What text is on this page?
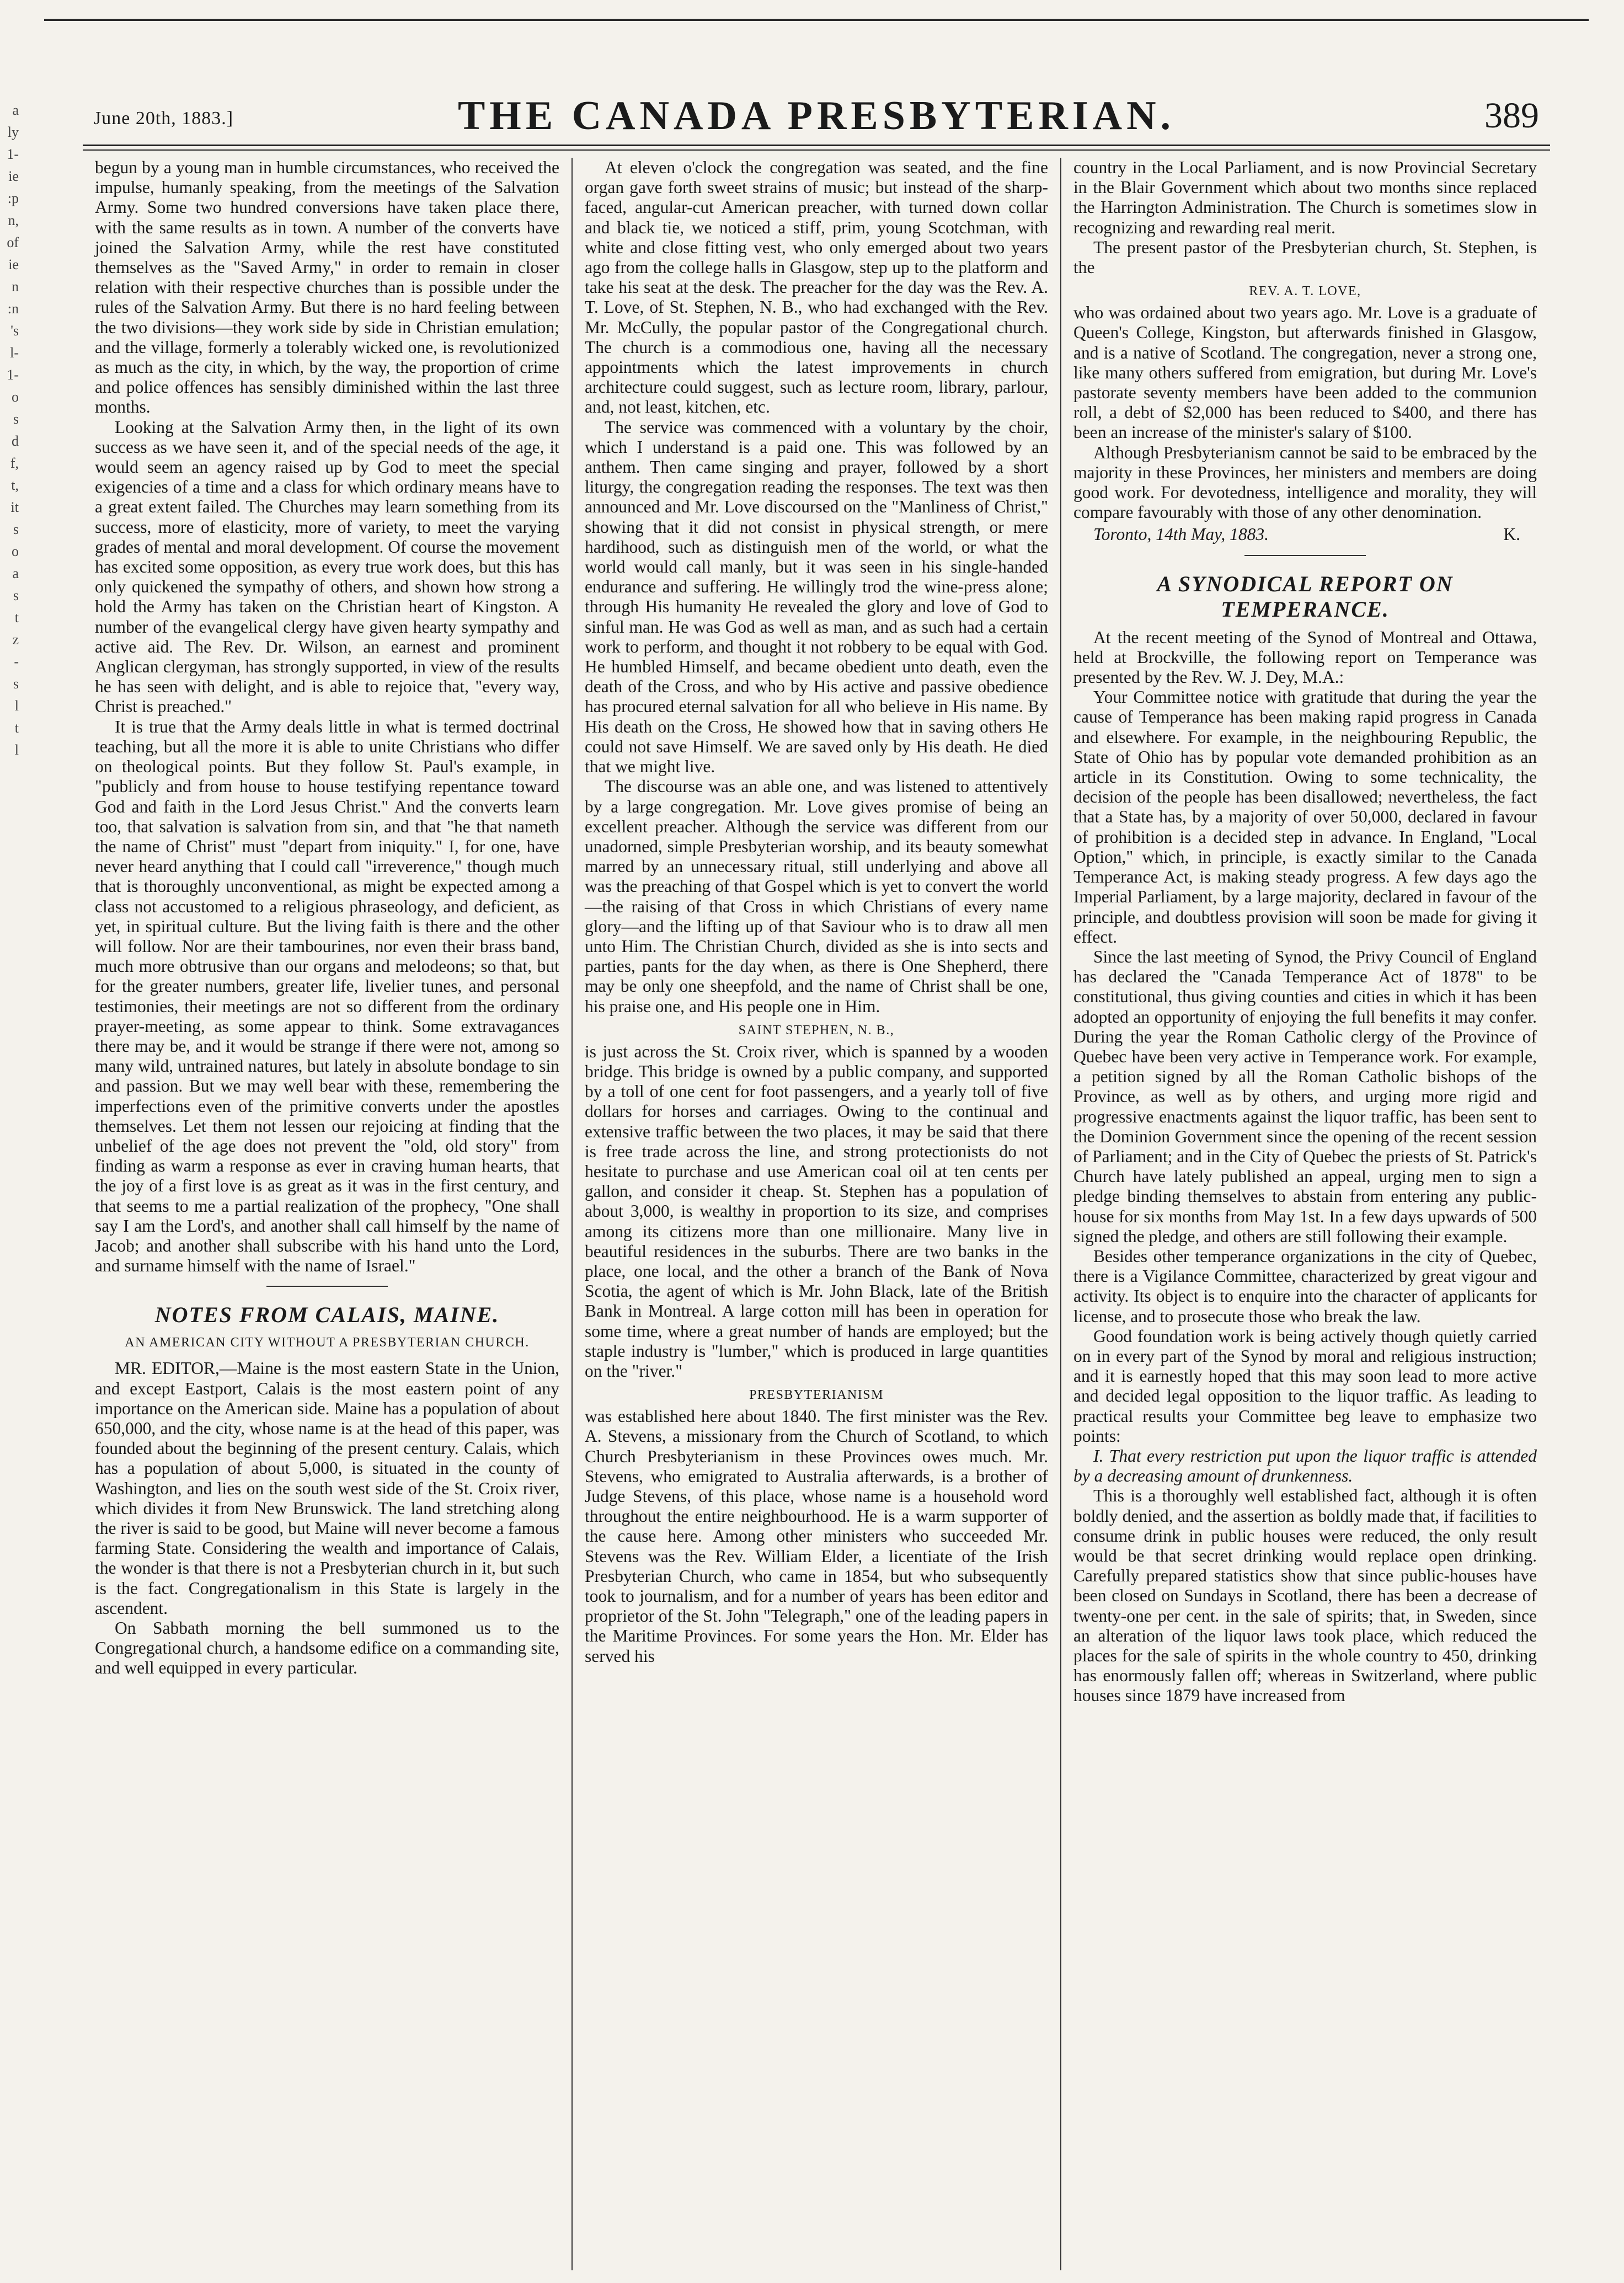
a
ly
1-
ie
:p
n,
of
ie
n
:n
's
l-
1-
o
s
d
f,
t,
it
s
o
a
s
t
z
-
s
l
t
l
June 20th, 1883.]	THE CANADA PRESBYTERIAN.	389

begun by a young man in humble circumstances, who received the impulse, humanly speaking, from the meetings of the Salvation Army. Some two hundred conversions have taken place there, with the same results as in town. A number of the converts have joined the Salvation Army, while the rest have constituted themselves as the "Saved Army," in order to remain in closer relation with their respective churches than is possible under the rules of the Salvation Army. But there is no hard feeling between the two divisions—they work side by side in Christian emulation; and the village, formerly a tolerably wicked one, is revolutionized as much as the city, in which, by the way, the proportion of crime and police offences has sensibly diminished within the last three months.

Looking at the Salvation Army then, in the light of its own success as we have seen it, and of the special needs of the age, it would seem an agency raised up by God to meet the special exigencies of a time and a class for which ordinary means have to a great extent failed. The Churches may learn something from its success, more of elasticity, more of variety, to meet the varying grades of mental and moral development. Of course the movement has excited some opposition, as every true work does, but this has only quickened the sympathy of others, and shown how strong a hold the Army has taken on the Christian heart of Kingston. A number of the evangelical clergy have given hearty sympathy and active aid. The Rev. Dr. Wilson, an earnest and prominent Anglican clergyman, has strongly supported, in view of the results he has seen with delight, and is able to rejoice that, "every way, Christ is preached."

It is true that the Army deals little in what is termed doctrinal teaching, but all the more it is able to unite Christians who differ on theological points. But they follow St. Paul's example, in "publicly and from house to house testifying repentance toward God and faith in the Lord Jesus Christ." And the converts learn too, that salvation is salvation from sin, and that "he that nameth the name of Christ" must "depart from iniquity." I, for one, have never heard anything that I could call "irreverence," though much that is thoroughly unconventional, as might be expected among a class not accustomed to a religious phraseology, and deficient, as yet, in spiritual culture. But the living faith is there and the other will follow. Nor are their tambourines, nor even their brass band, much more obtrusive than our organs and melodeons; so that, but for the greater numbers, greater life, livelier tunes, and personal testimonies, their meetings are not so different from the ordinary prayer-meeting, as some appear to think. Some extravagances there may be, and it would be strange if there were not, among so many wild, untrained natures, but lately in absolute bondage to sin and passion. But we may well bear with these, remembering the imperfections even of the primitive converts under the apostles themselves. Let them not lessen our rejoicing at finding that the unbelief of the age does not prevent the "old, old story" from finding as warm a response as ever in craving human hearts, that the joy of a first love is as great as it was in the first century, and that seems to me a partial realization of the prophecy, "One shall say I am the Lord's, and another shall call himself by the name of Jacob; and another shall subscribe with his hand unto the Lord, and surname himself with the name of Israel."

NOTES FROM CALAIS, MAINE.
AN AMERICAN CITY WITHOUT A PRESBYTERIAN CHURCH.

MR. EDITOR,—Maine is the most eastern State in the Union, and except Eastport, Calais is the most eastern point of any importance on the American side. Maine has a population of about 650,000, and the city, whose name is at the head of this paper, was founded about the beginning of the present century. Calais, which has a population of about 5,000, is situated in the county of Washington, and lies on the south west side of the St. Croix river, which divides it from New Brunswick. The land stretching along the river is said to be good, but Maine will never become a famous farming State. Considering the wealth and importance of Calais, the wonder is that there is not a Presbyterian church in it, but such is the fact. Congregationalism in this State is largely in the ascendent.

On Sabbath morning the bell summoned us to the Congregational church, a handsome edifice on a commanding site, and well equipped in every particular.

At eleven o'clock the congregation was seated, and the fine organ gave forth sweet strains of music; but instead of the sharp-faced, angular-cut American preacher, with turned down collar and black tie, we noticed a stiff, prim, young Scotchman, with white and close fitting vest, who only emerged about two years ago from the college halls in Glasgow, step up to the platform and take his seat at the desk. The preacher for the day was the Rev. A. T. Love, of St. Stephen, N. B., who had exchanged with the Rev. Mr. McCully, the popular pastor of the Congregational church. The church is a commodious one, having all the necessary appointments which the latest improvements in church architecture could suggest, such as lecture room, library, parlour, and, not least, kitchen, etc.

The service was commenced with a voluntary by the choir, which I understand is a paid one. This was followed by an anthem. Then came singing and prayer, followed by a short liturgy, the congregation reading the responses. The text was then announced and Mr. Love discoursed on the "Manliness of Christ," showing that it did not consist in physical strength, or mere hardihood, such as distinguish men of the world, or what the world would call manly, but it was seen in his single-handed endurance and suffering. He willingly trod the wine-press alone; through His humanity He revealed the glory and love of God to sinful man. He was God as well as man, and as such had a certain work to perform, and thought it not robbery to be equal with God. He humbled Himself, and became obedient unto death, even the death of the Cross, and who by His active and passive obedience has procured eternal salvation for all who believe in His name. By His death on the Cross, He showed how that in saving others He could not save Himself. We are saved only by His death. He died that we might live.

The discourse was an able one, and was listened to attentively by a large congregation. Mr. Love gives promise of being an excellent preacher. Although the service was different from our unadorned, simple Presbyterian worship, and its beauty somewhat marred by an unnecessary ritual, still underlying and above all was the preaching of that Gospel which is yet to convert the world—the raising of that Cross in which Christians of every name glory—and the lifting up of that Saviour who is to draw all men unto Him. The Christian Church, divided as she is into sects and parties, pants for the day when, as there is One Shepherd, there may be only one sheepfold, and the name of Christ shall be one, his praise one, and His people one in Him.

SAINT STEPHEN, N. B.,

is just across the St. Croix river, which is spanned by a wooden bridge. This bridge is owned by a public company, and supported by a toll of one cent for foot passengers, and a yearly toll of five dollars for horses and carriages. Owing to the continual and extensive traffic between the two places, it may be said that there is free trade across the line, and strong protectionists do not hesitate to purchase and use American coal oil at ten cents per gallon, and consider it cheap. St. Stephen has a population of about 3,000, is wealthy in proportion to its size, and comprises among its citizens more than one millionaire. Many live in beautiful residences in the suburbs. There are two banks in the place, one local, and the other a branch of the Bank of Nova Scotia, the agent of which is Mr. John Black, late of the British Bank in Montreal. A large cotton mill has been in operation for some time, where a great number of hands are employed; but the staple industry is "lumber," which is produced in large quantities on the "river."

PRESBYTERIANISM

was established here about 1840. The first minister was the Rev. A. Stevens, a missionary from the Church of Scotland, to which Church Presbyterianism in these Provinces owes much. Mr. Stevens, who emigrated to Australia afterwards, is a brother of Judge Stevens, of this place, whose name is a household word throughout the entire neighbourhood. He is a warm supporter of the cause here. Among other ministers who succeeded Mr. Stevens was the Rev. William Elder, a licentiate of the Irish Presbyterian Church, who came in 1854, but who subsequently took to journalism, and for a number of years has been editor and proprietor of the St. John "Telegraph," one of the leading papers in the Maritime Provinces. For some years the Hon. Mr. Elder has served his

country in the Local Parliament, and is now Provincial Secretary in the Blair Government which about two months since replaced the Harrington Administration. The Church is sometimes slow in recognizing and rewarding real merit.

The present pastor of the Presbyterian church, St. Stephen, is the

REV. A. T. LOVE,

who was ordained about two years ago. Mr. Love is a graduate of Queen's College, Kingston, but afterwards finished in Glasgow, and is a native of Scotland. The congregation, never a strong one, like many others suffered from emigration, but during Mr. Love's pastorate seventy members have been added to the communion roll, a debt of $2,000 has been reduced to $400, and there has been an increase of the minister's salary of $100.

Although Presbyterianism cannot be said to be embraced by the majority in these Provinces, her ministers and members are doing good work. For devotedness, intelligence and morality, they will compare favourably with those of any other denomination.

Toronto, 14th May, 1883.	K.
A SYNODICAL REPORT ON TEMPERANCE.

At the recent meeting of the Synod of Montreal and Ottawa, held at Brockville, the following report on Temperance was presented by the Rev. W. J. Dey, M.A.:

Your Committee notice with gratitude that during the year the cause of Temperance has been making rapid progress in Canada and elsewhere. For example, in the neighbouring Republic, the State of Ohio has by popular vote demanded prohibition as an article in its Constitution. Owing to some technicality, the decision of the people has been disallowed; nevertheless, the fact that a State has, by a majority of over 50,000, declared in favour of prohibition is a decided step in advance. In England, "Local Option," which, in principle, is exactly similar to the Canada Temperance Act, is making steady progress. A few days ago the Imperial Parliament, by a large majority, declared in favour of the principle, and doubtless provision will soon be made for giving it effect.

Since the last meeting of Synod, the Privy Council of England has declared the "Canada Temperance Act of 1878" to be constitutional, thus giving counties and cities in which it has been adopted an opportunity of enjoying the full benefits it may confer. During the year the Roman Catholic clergy of the Province of Quebec have been very active in Temperance work. For example, a petition signed by all the Roman Catholic bishops of the Province, as well as by others, and urging more rigid and progressive enactments against the liquor traffic, has been sent to the Dominion Government since the opening of the recent session of Parliament; and in the City of Quebec the priests of St. Patrick's Church have lately published an appeal, urging men to sign a pledge binding themselves to abstain from entering any public-house for six months from May 1st. In a few days upwards of 500 signed the pledge, and others are still following their example.

Besides other temperance organizations in the city of Quebec, there is a Vigilance Committee, characterized by great vigour and activity. Its object is to enquire into the character of applicants for license, and to prosecute those who break the law.

Good foundation work is being actively though quietly carried on in every part of the Synod by moral and religious instruction; and it is earnestly hoped that this may soon lead to more active and decided legal opposition to the liquor traffic. As leading to practical results your Committee beg leave to emphasize two points:

I. That every restriction put upon the liquor traffic is attended by a decreasing amount of drunkenness.

This is a thoroughly well established fact, although it is often boldly denied, and the assertion as boldly made that, if facilities to consume drink in public houses were reduced, the only result would be that secret drinking would replace open drinking. Carefully prepared statistics show that since public-houses have been closed on Sundays in Scotland, there has been a decrease of twenty-one per cent. in the sale of spirits; that, in Sweden, since an alteration of the liquor laws took place, which reduced the places for the sale of spirits in the whole country to 450, drinking has enormously fallen off; whereas in Switzerland, where public houses since 1879 have increased from
